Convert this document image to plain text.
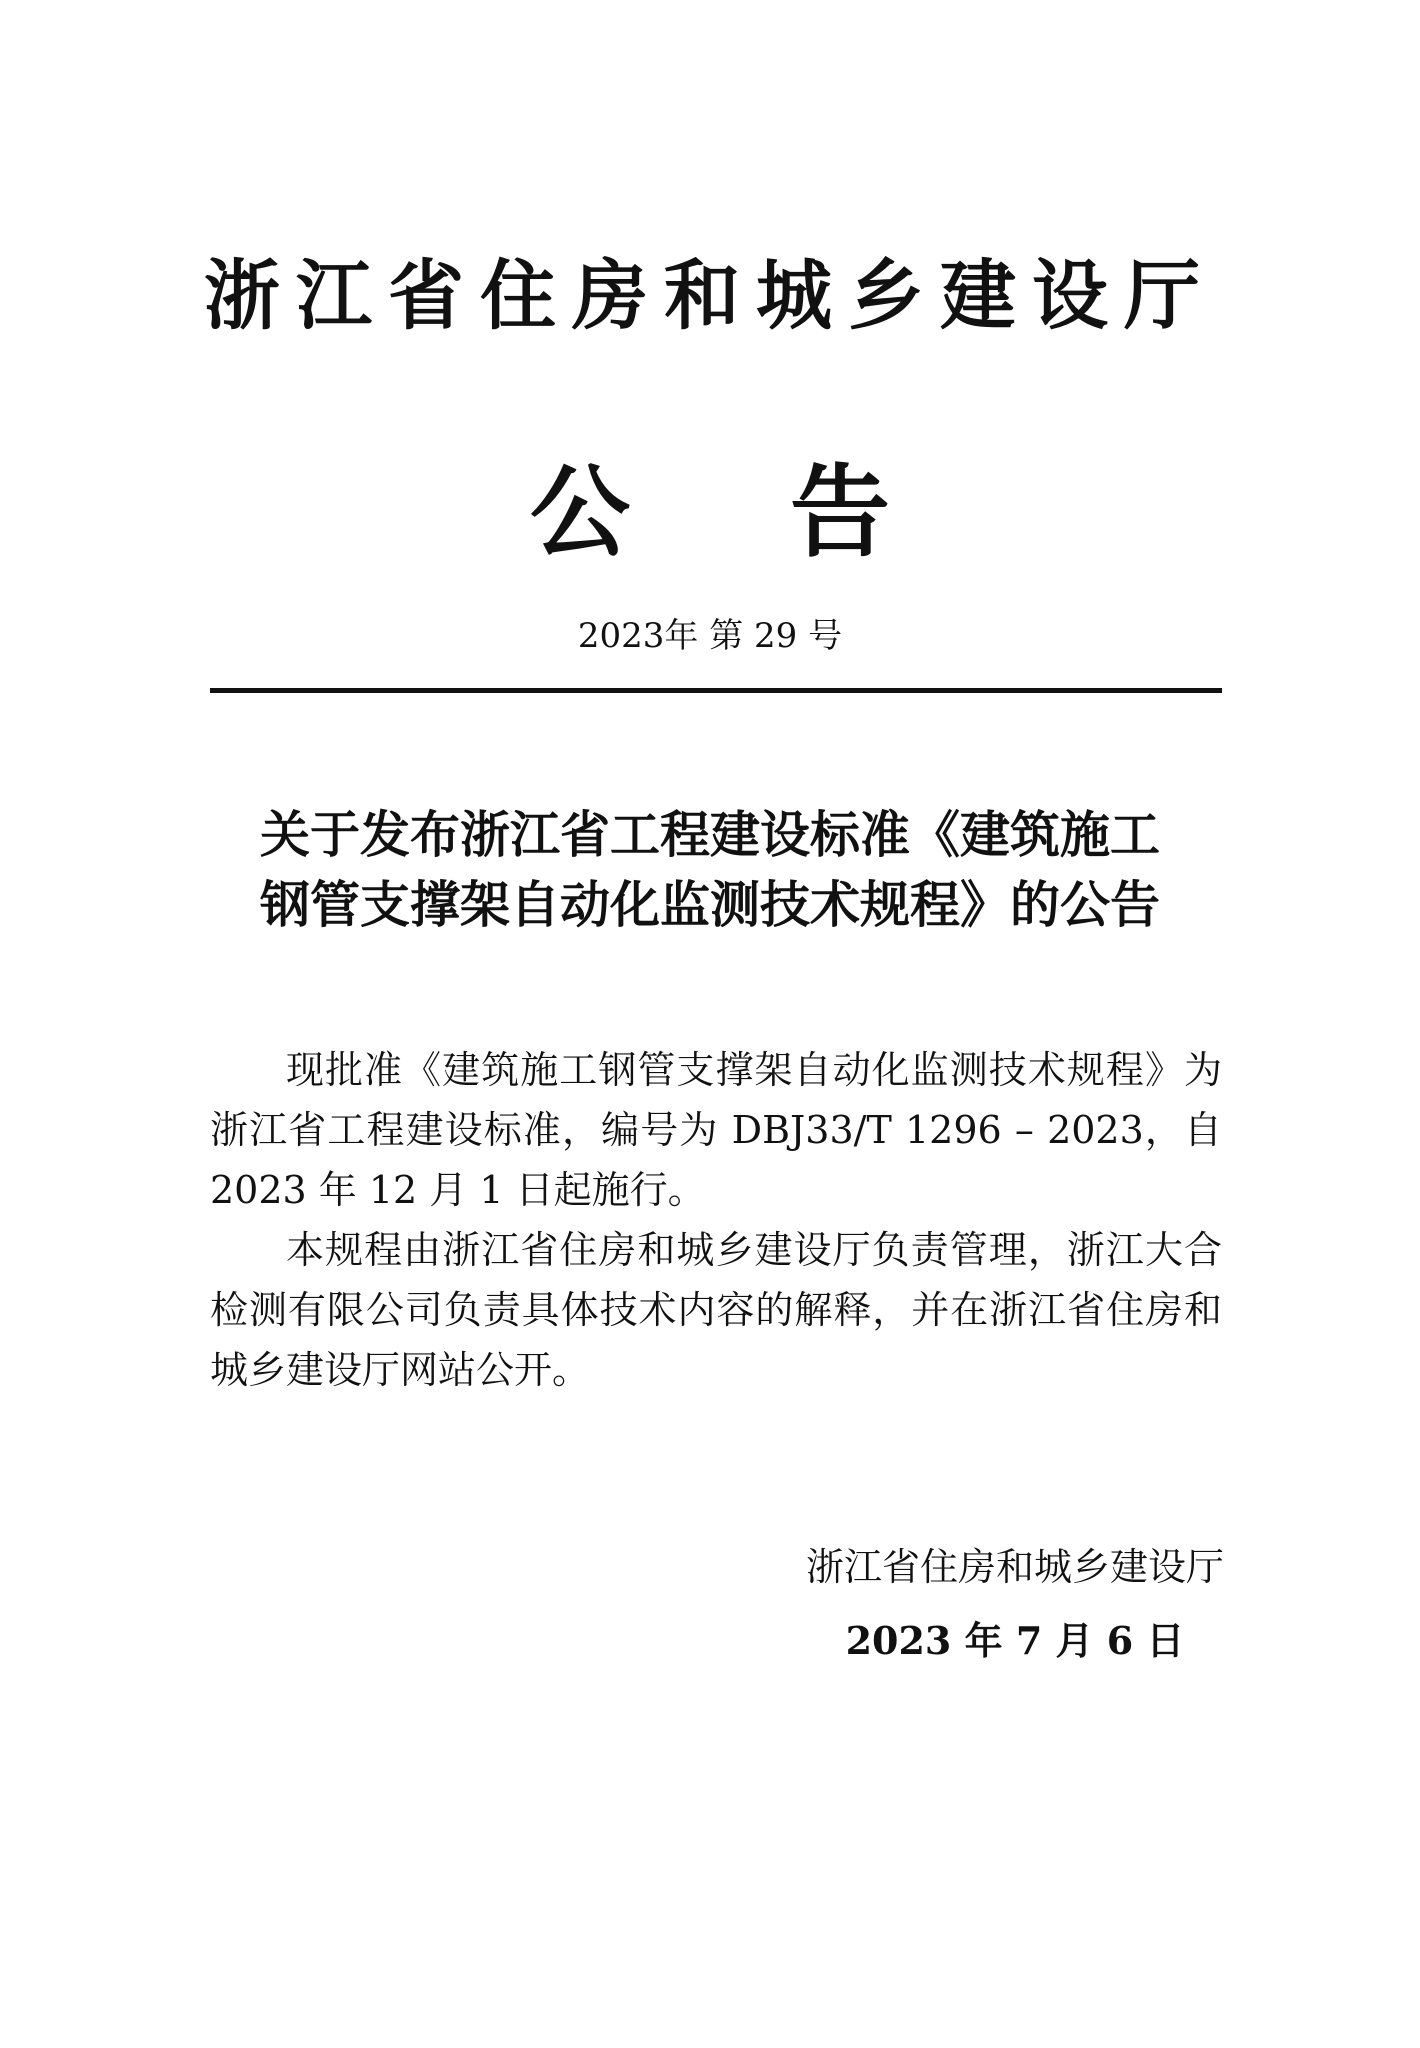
浙江省住房和城乡建设厅
公 告
2023年 第 29 号
关于发布浙江省工程建设标准《建筑施工
钢管支撑架自动化监测技术规程》的公告

现批准《建筑施工钢管支撑架自动化监测技术规程》为浙江省工程建设标准，编号为 DBJ33/T 1296 – 2023，自 2023 年 12 月 1 日起施行。

本规程由浙江省住房和城乡建设厅负责管理，浙江大合检测有限公司负责具体技术内容的解释，并在浙江省住房和城乡建设厅网站公开。

浙江省住房和城乡建设厅
2023 年 7 月 6 日
